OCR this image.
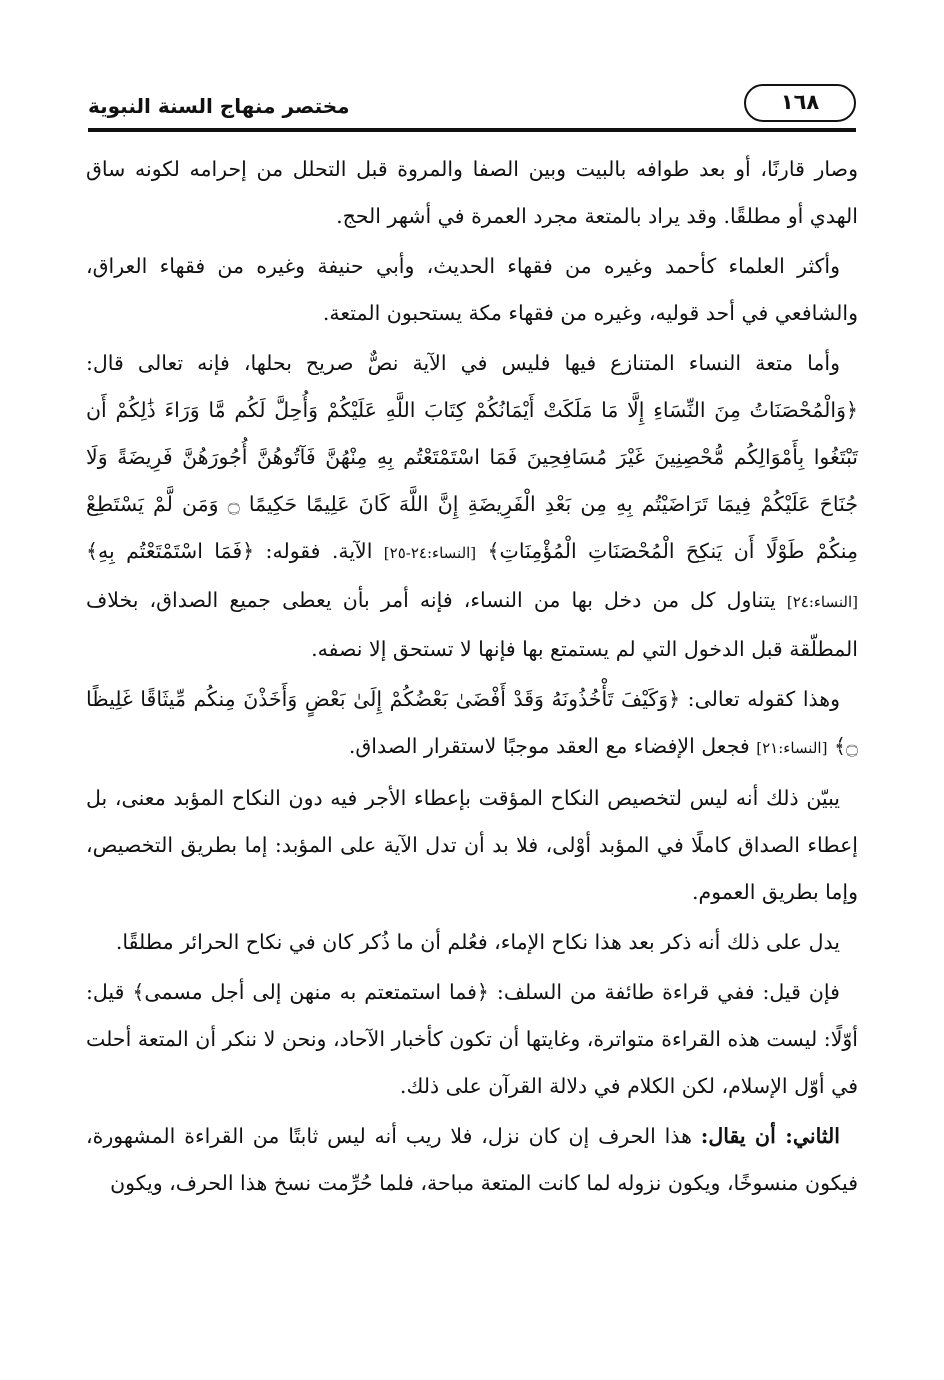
١٦٨
مختصر منهاج السنة النبوية

وصار قارنًا، أو بعد طوافه بالبيت وبين الصفا والمروة قبل التحلل من إحرامه لكونه ساق الهدي أو مطلقًا. وقد يراد بالمتعة مجرد العمرة في أشهر الحج.

وأكثر العلماء كأحمد وغيره من فقهاء الحديث، وأبي حنيفة وغيره من فقهاء العراق، والشافعي في أحد قوليه، وغيره من فقهاء مكة يستحبون المتعة.

وأما متعة النساء المتنازع فيها فليس في الآية نصٌّ صريح بحلها، فإنه تعالى قال: ﴿وَالْمُحْصَنَاتُ مِنَ النِّسَاءِ إِلَّا مَا مَلَكَتْ أَيْمَانُكُمْ كِتَابَ اللَّهِ عَلَيْكُمْ وَأُحِلَّ لَكُم مَّا وَرَاءَ ذَٰلِكُمْ أَن تَبْتَغُوا بِأَمْوَالِكُم مُّحْصِنِينَ غَيْرَ مُسَافِحِينَ فَمَا اسْتَمْتَعْتُم بِهِ مِنْهُنَّ فَآتُوهُنَّ أُجُورَهُنَّ فَرِيضَةً وَلَا جُنَاحَ عَلَيْكُمْ فِيمَا تَرَاضَيْتُم بِهِ مِن بَعْدِ الْفَرِيضَةِ إِنَّ اللَّهَ كَانَ عَلِيمًا حَكِيمًا ۝ وَمَن لَّمْ يَسْتَطِعْ مِنكُمْ طَوْلًا أَن يَنكِحَ الْمُحْصَنَاتِ الْمُؤْمِنَاتِ﴾ [النساء:٢٤-٢٥] الآية. فقوله: ﴿فَمَا اسْتَمْتَعْتُم بِهِ﴾ [النساء:٢٤] يتناول كل من دخل بها من النساء، فإنه أمر بأن يعطى جميع الصداق، بخلاف المطلّقة قبل الدخول التي لم يستمتع بها فإنها لا تستحق إلا نصفه.

وهذا كقوله تعالى: ﴿وَكَيْفَ تَأْخُذُونَهُ وَقَدْ أَفْضَىٰ بَعْضُكُمْ إِلَىٰ بَعْضٍ وَأَخَذْنَ مِنكُم مِّيثَاقًا غَلِيظًا ۝﴾ [النساء:٢١] فجعل الإفضاء مع العقد موجبًا لاستقرار الصداق.

يبيّن ذلك أنه ليس لتخصيص النكاح المؤقت بإعطاء الأجر فيه دون النكاح المؤبد معنى، بل إعطاء الصداق كاملًا في المؤبد أوْلى، فلا بد أن تدل الآية على المؤبد: إما بطريق التخصيص، وإما بطريق العموم.

يدل على ذلك أنه ذكر بعد هذا نكاح الإماء، فعُلم أن ما ذُكر كان في نكاح الحرائر مطلقًا.

فإن قيل: ففي قراءة طائفة من السلف: ﴿فما استمتعتم به منهن إلى أجل مسمى﴾ قيل: أوّلًا: ليست هذه القراءة متواترة، وغايتها أن تكون كأخبار الآحاد، ونحن لا ننكر أن المتعة أحلت في أوّل الإسلام، لكن الكلام في دلالة القرآن على ذلك.

الثاني: أن يقال: هذا الحرف إن كان نزل، فلا ريب أنه ليس ثابتًا من القراءة المشهورة، فيكون منسوخًا، ويكون نزوله لما كانت المتعة مباحة، فلما حُرِّمت نسخ هذا الحرف، ويكون
